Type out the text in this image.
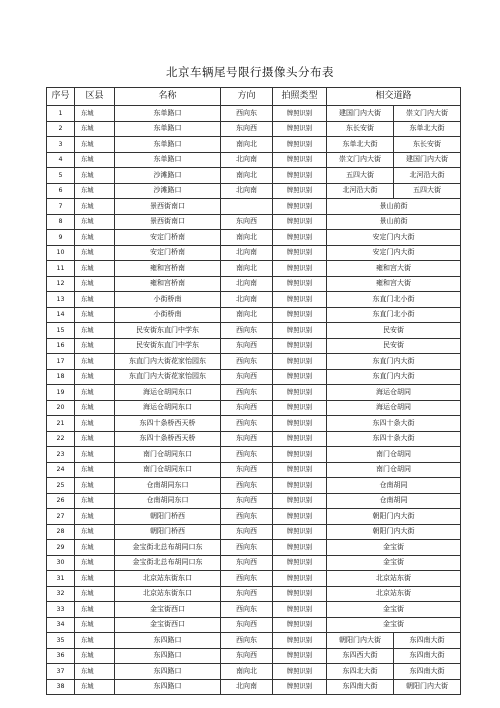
北京车辆尾号限行摄像头分布表
序号	区县	名称	方向	拍照类型	相交道路	
1	东城	东单路口	西向东	牌照识别	建国门内大街	崇文门内大街
2	东城	东单路口	东向西	牌照识别	东长安街	东单北大街
3	东城	东单路口	南向北	牌照识别	东单北大街	东长安街
4	东城	东单路口	北向南	牌照识别	崇文门内大街	建国门内大街
5	东城	沙滩路口	南向北	牌照识别	五四大街	北河沿大街
6	东城	沙滩路口	北向南	牌照识别	北河沿大街	五四大街
7	东城	景西街南口		牌照识别	景山前街	
8	东城	景西街南口	东向西	牌照识别	景山前街	
9	东城	安定门桥南	南向北	牌照识别	安定门内大街	
10	东城	安定门桥南	北向南	牌照识别	安定门内大街	
11	东城	雍和宫桥南	南向北	牌照识别	雍和宫大街	
12	东城	雍和宫桥南	北向南	牌照识别	雍和宫大街	
13	东城	小街桥南	北向南	牌照识别	东直门北小街	
14	东城	小街桥南	南向北	牌照识别	东直门北小街	
15	东城	民安街东直门中学东	西向东	牌照识别	民安街	
16	东城	民安街东直门中学东	东向西	牌照识别	民安街	
17	东城	东直门内大街花家怡园东	西向东	牌照识别	东直门内大街	
18	东城	东直门内大街花家怡园东	东向西	牌照识别	东直门内大街	
19	东城	海运仓胡同东口	西向东	牌照识别	海运仓胡同	
20	东城	海运仓胡同东口	东向西	牌照识别	海运仓胡同	
21	东城	东四十条桥西天桥	西向东	牌照识别	东四十条大街	
22	东城	东四十条桥西天桥	东向西	牌照识别	东四十条大街	
23	东城	南门仓胡同东口	西向东	牌照识别	南门仓胡同	
24	东城	南门仓胡同东口	东向西	牌照识别	南门仓胡同	
25	东城	仓南胡同东口	西向东	牌照识别	仓南胡同	
26	东城	仓南胡同东口	东向西	牌照识别	仓南胡同	
27	东城	朝阳门桥西	西向东	牌照识别	朝阳门内大街	
28	东城	朝阳门桥西	东向西	牌照识别	朝阳门内大街	
29	东城	金宝街北总布胡同口东	西向东	牌照识别	金宝街	
30	东城	金宝街北总布胡同口东	东向西	牌照识别	金宝街	
31	东城	北京站东街东口	西向东	牌照识别	北京站东街	
32	东城	北京站东街东口	东向西	牌照识别	北京站东街	
33	东城	金宝街西口	西向东	牌照识别	金宝街	
34	东城	金宝街西口	东向西	牌照识别	金宝街	
35	东城	东四路口	西向东	牌照识别	朝阳门内大街	东四南大街
36	东城	东四路口	东向西	牌照识别	东四西大街	东四南大街
37	东城	东四路口	南向北	牌照识别	东四北大街	东四南大街
38	东城	东四路口	北向南	牌照识别	东四南大街	朝阳门内大街
